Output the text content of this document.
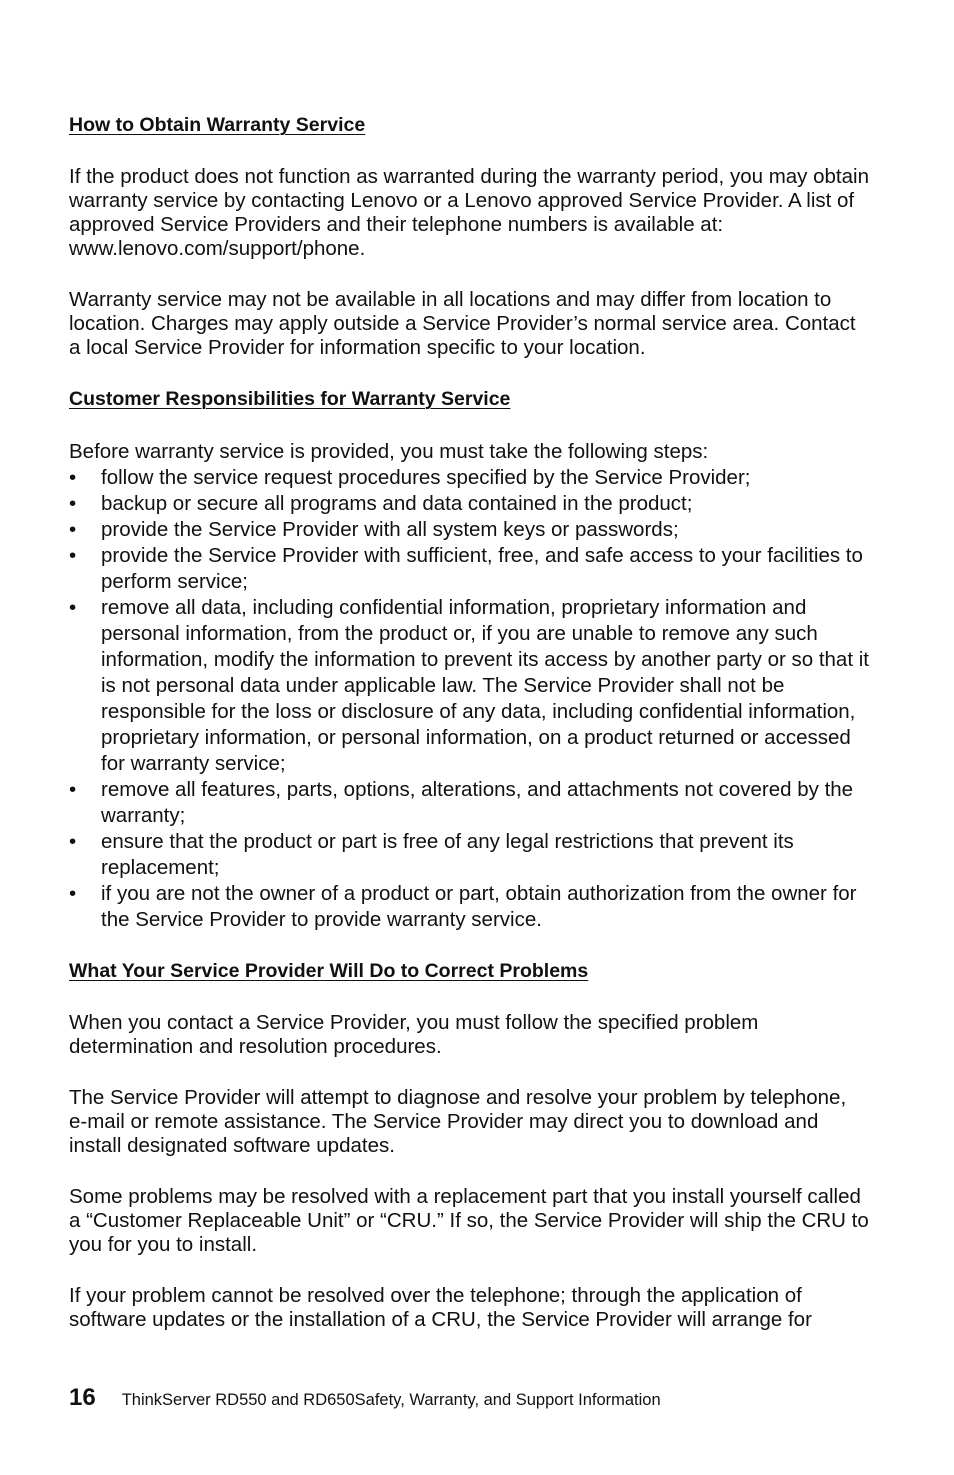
How to Obtain Warranty Service

If the product does not function as warranted during the warranty period, you may obtain warranty service by contacting Lenovo or a Lenovo approved Service Provider. A list of approved Service Providers and their telephone numbers is available at: www.lenovo.com/support/phone.

Warranty service may not be available in all locations and may differ from location to location. Charges may apply outside a Service Provider’s normal service area. Contact a local Service Provider for information specific to your location.

Customer Responsibilities for Warranty Service

Before warranty service is provided, you must take the following steps:

• follow the service request procedures specified by the Service Provider;
• backup or secure all programs and data contained in the product;
• provide the Service Provider with all system keys or passwords;
• provide the Service Provider with sufficient, free, and safe access to your facilities to perform service;
• remove all data, including confidential information, proprietary information and personal information, from the product or, if you are unable to remove any such information, modify the information to prevent its access by another party or so that it is not personal data under applicable law. The Service Provider shall not be responsible for the loss or disclosure of any data, including confidential information, proprietary information, or personal information, on a product returned or accessed for warranty service;
• remove all features, parts, options, alterations, and attachments not covered by the warranty;
• ensure that the product or part is free of any legal restrictions that prevent its replacement;
• if you are not the owner of a product or part, obtain authorization from the owner for the Service Provider to provide warranty service.
What Your Service Provider Will Do to Correct Problems

When you contact a Service Provider, you must follow the specified problem determination and resolution procedures.

The Service Provider will attempt to diagnose and resolve your problem by telephone, e-mail or remote assistance. The Service Provider may direct you to download and install designated software updates.

Some problems may be resolved with a replacement part that you install yourself called a “Customer Replaceable Unit” or “CRU.” If so, the Service Provider will ship the CRU to you for you to install.

If your problem cannot be resolved over the telephone; through the application of software updates or the installation of a CRU, the Service Provider will arrange for

16 ThinkServer RD550 and RD650Safety, Warranty, and Support Information
